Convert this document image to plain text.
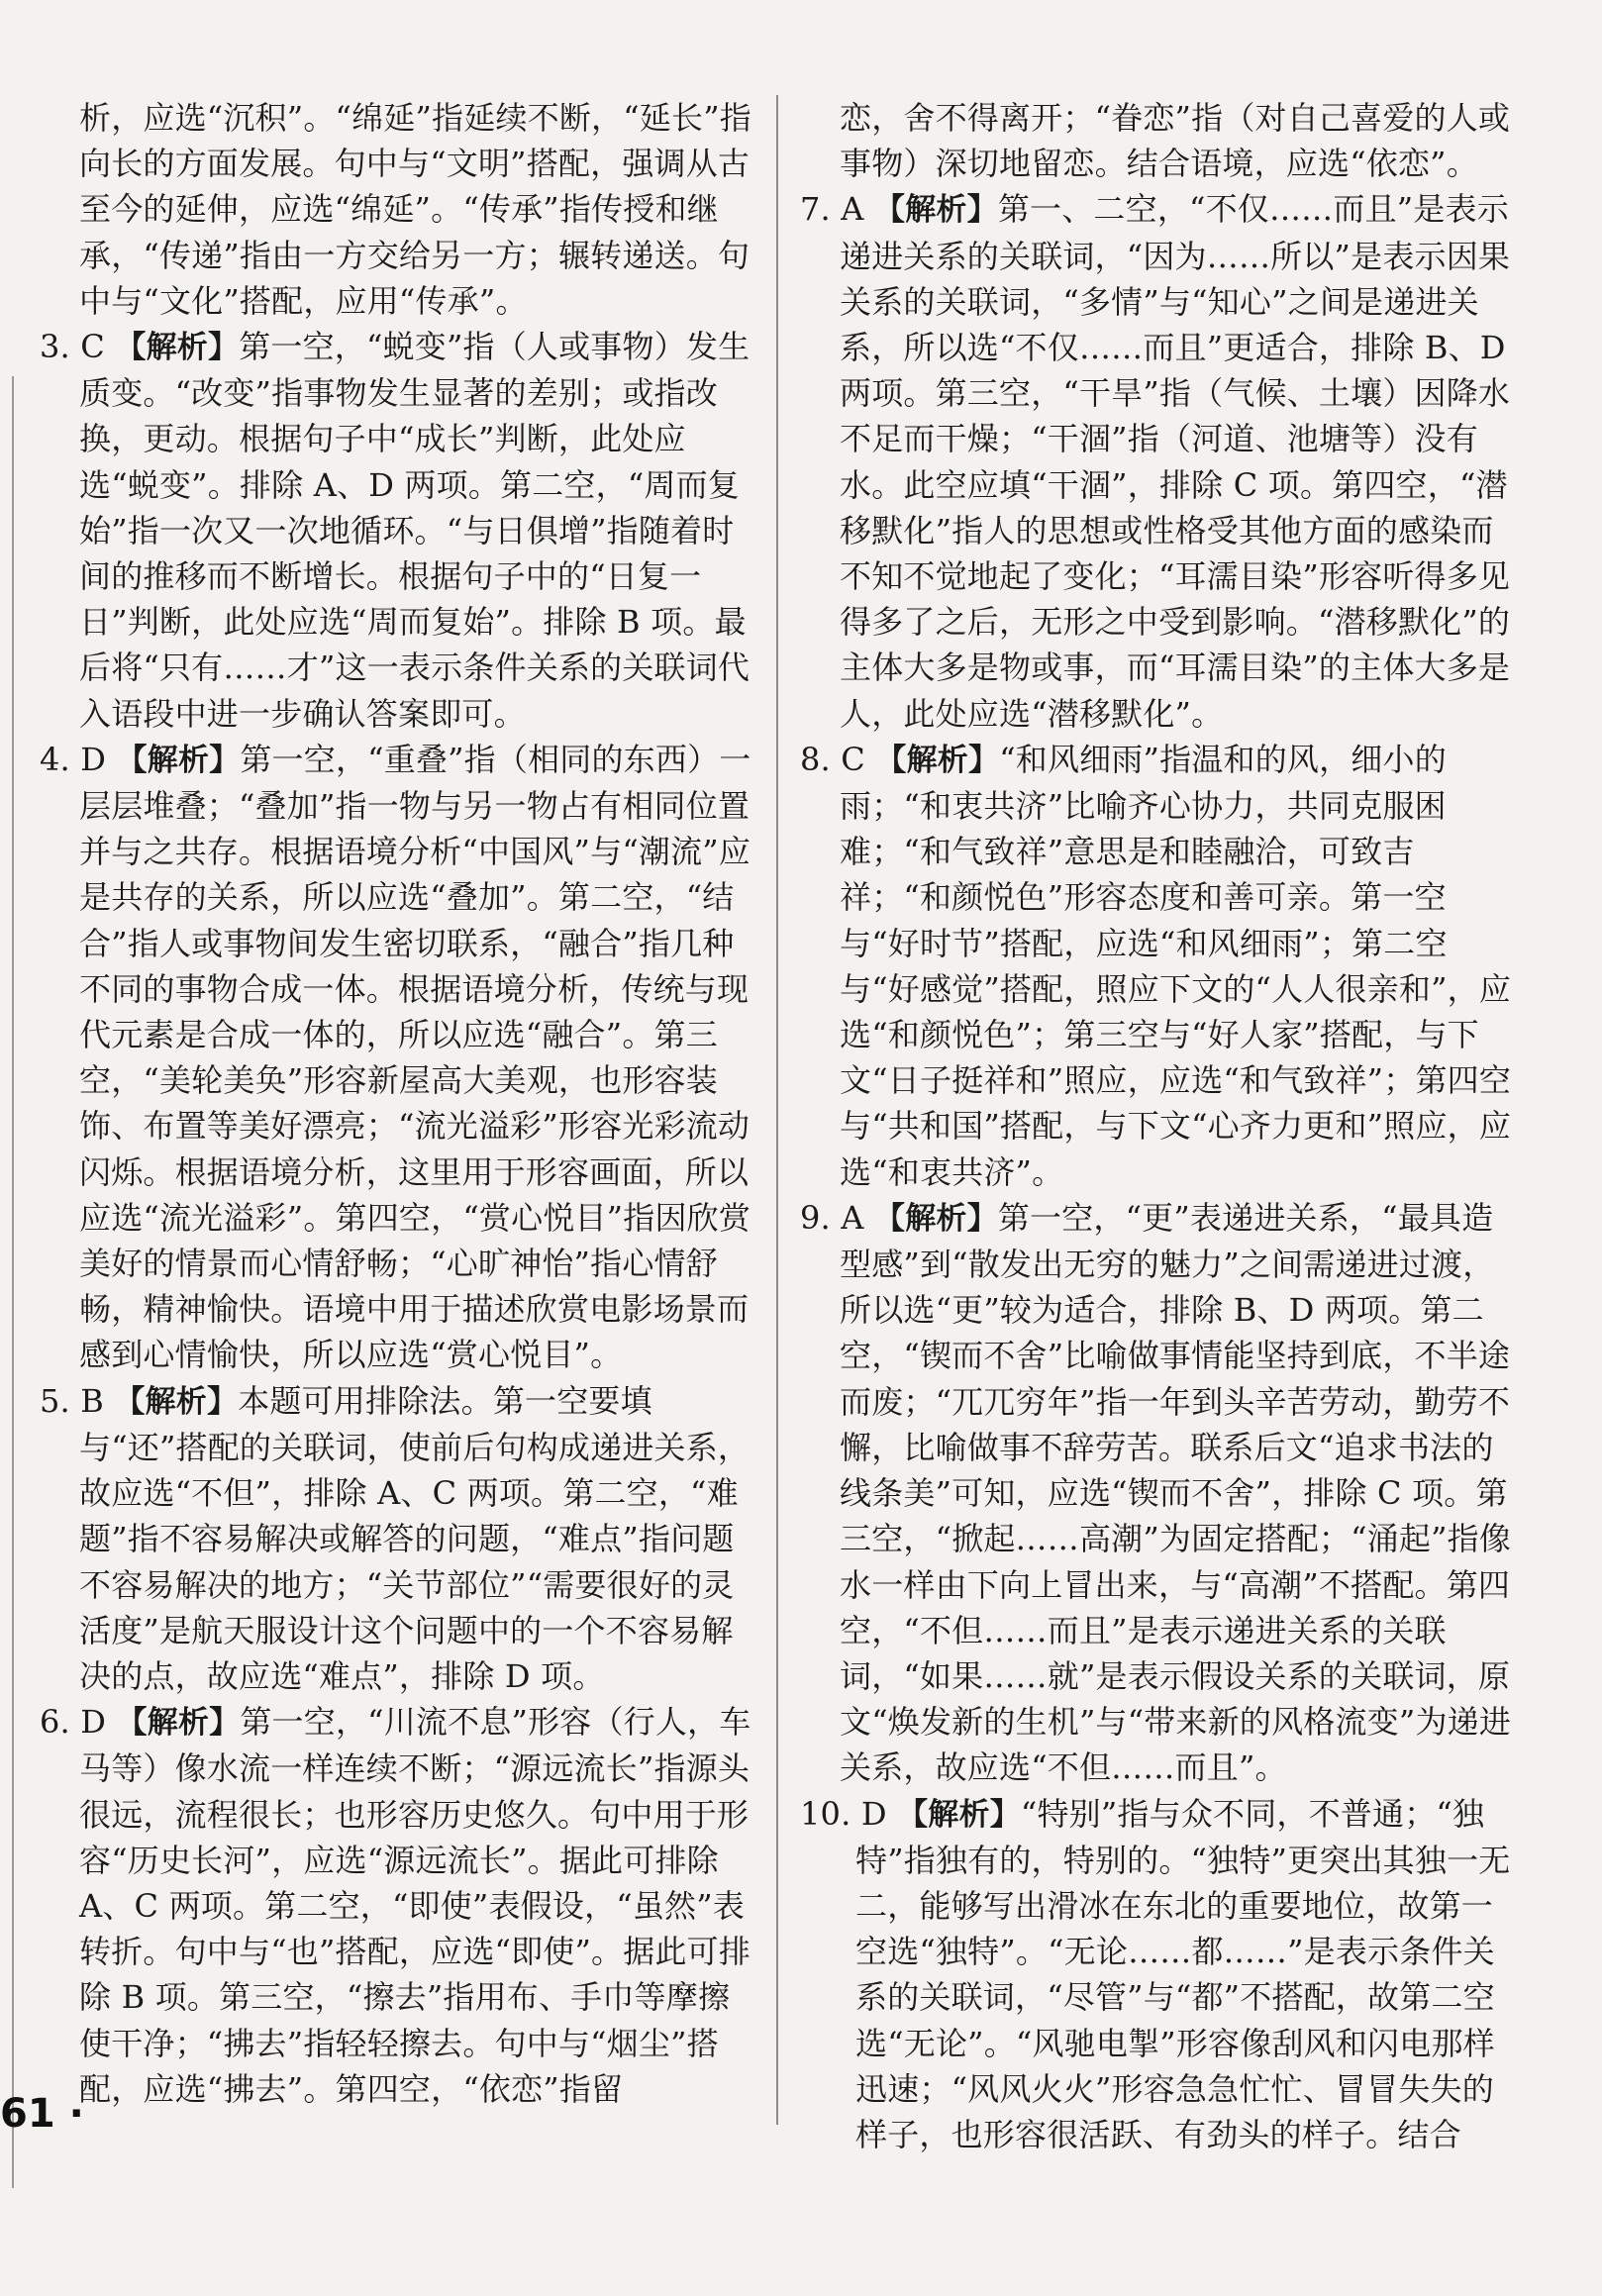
析，应选“沉积”。“绵延”指延续不断，“延长”指向长的方面发展。句中与“文明”搭配，强调从古至今的延伸，应选“绵延”。“传承”指传授和继承，“传递”指由一方交给另一方；辗转递送。句中与“文化”搭配，应用“传承”。

3. C 【解析】第一空，“蜕变”指（人或事物）发生质变。“改变”指事物发生显著的差别；或指改换，更动。根据句子中“成长”判断，此处应选“蜕变”。排除 A、D 两项。第二空，“周而复始”指一次又一次地循环。“与日俱增”指随着时间的推移而不断增长。根据句子中的“日复一日”判断，此处应选“周而复始”。排除 B 项。最后将“只有……才”这一表示条件关系的关联词代入语段中进一步确认答案即可。

4. D 【解析】第一空，“重叠”指（相同的东西）一层层堆叠；“叠加”指一物与另一物占有相同位置并与之共存。根据语境分析“中国风”与“潮流”应是共存的关系，所以应选“叠加”。第二空，“结合”指人或事物间发生密切联系，“融合”指几种不同的事物合成一体。根据语境分析，传统与现代元素是合成一体的，所以应选“融合”。第三空，“美轮美奂”形容新屋高大美观，也形容装饰、布置等美好漂亮；“流光溢彩”形容光彩流动闪烁。根据语境分析，这里用于形容画面，所以应选“流光溢彩”。第四空，“赏心悦目”指因欣赏美好的情景而心情舒畅；“心旷神怡”指心情舒畅，精神愉快。语境中用于描述欣赏电影场景而感到心情愉快，所以应选“赏心悦目”。

5. B 【解析】本题可用排除法。第一空要填与“还”搭配的关联词，使前后句构成递进关系，故应选“不但”，排除 A、C 两项。第二空，“难题”指不容易解决或解答的问题，“难点”指问题不容易解决的地方；“关节部位”“需要很好的灵活度”是航天服设计这个问题中的一个不容易解决的点，故应选“难点”，排除 D 项。

6. D 【解析】第一空，“川流不息”形容（行人，车马等）像水流一样连续不断；“源远流长”指源头很远，流程很长；也形容历史悠久。句中用于形容“历史长河”，应选“源远流长”。据此可排除 A、C 两项。第二空，“即使”表假设，“虽然”表转折。句中与“也”搭配，应选“即使”。据此可排除 B 项。第三空，“擦去”指用布、手巾等摩擦使干净；“拂去”指轻轻擦去。句中与“烟尘”搭配，应选“拂去”。第四空，“依恋”指留

恋，舍不得离开；“眷恋”指（对自己喜爱的人或事物）深切地留恋。结合语境，应选“依恋”。

7. A 【解析】第一、二空，“不仅……而且”是表示递进关系的关联词，“因为……所以”是表示因果关系的关联词，“多情”与“知心”之间是递进关系，所以选“不仅……而且”更适合，排除 B、D 两项。第三空，“干旱”指（气候、土壤）因降水不足而干燥；“干涸”指（河道、池塘等）没有水。此空应填“干涸”，排除 C 项。第四空，“潜移默化”指人的思想或性格受其他方面的感染而不知不觉地起了变化；“耳濡目染”形容听得多见得多了之后，无形之中受到影响。“潜移默化”的主体大多是物或事，而“耳濡目染”的主体大多是人，此处应选“潜移默化”。

8. C 【解析】“和风细雨”指温和的风，细小的雨；“和衷共济”比喻齐心协力，共同克服困难；“和气致祥”意思是和睦融洽，可致吉祥；“和颜悦色”形容态度和善可亲。第一空与“好时节”搭配，应选“和风细雨”；第二空与“好感觉”搭配，照应下文的“人人很亲和”，应选“和颜悦色”；第三空与“好人家”搭配，与下文“日子挺祥和”照应，应选“和气致祥”；第四空与“共和国”搭配，与下文“心齐力更和”照应，应选“和衷共济”。

9. A 【解析】第一空，“更”表递进关系，“最具造型感”到“散发出无穷的魅力”之间需递进过渡，所以选“更”较为适合，排除 B、D 两项。第二空，“锲而不舍”比喻做事情能坚持到底，不半途而废；“兀兀穷年”指一年到头辛苦劳动，勤劳不懈，比喻做事不辞劳苦。联系后文“追求书法的线条美”可知，应选“锲而不舍”，排除 C 项。第三空，“掀起……高潮”为固定搭配；“涌起”指像水一样由下向上冒出来，与“高潮”不搭配。第四空，“不但……而且”是表示递进关系的关联词，“如果……就”是表示假设关系的关联词，原文“焕发新的生机”与“带来新的风格流变”为递进关系，故应选“不但……而且”。

10. D 【解析】“特别”指与众不同，不普通；“独特”指独有的，特别的。“独特”更突出其独一无二，能够写出滑冰在东北的重要地位，故第一空选“独特”。“无论……都……”是表示条件关系的关联词，“尽管”与“都”不搭配，故第二空选“无论”。“风驰电掣”形容像刮风和闪电那样迅速；“风风火火”形容急急忙忙、冒冒失失的样子，也形容很活跃、有劲头的样子。结合

61 ·
